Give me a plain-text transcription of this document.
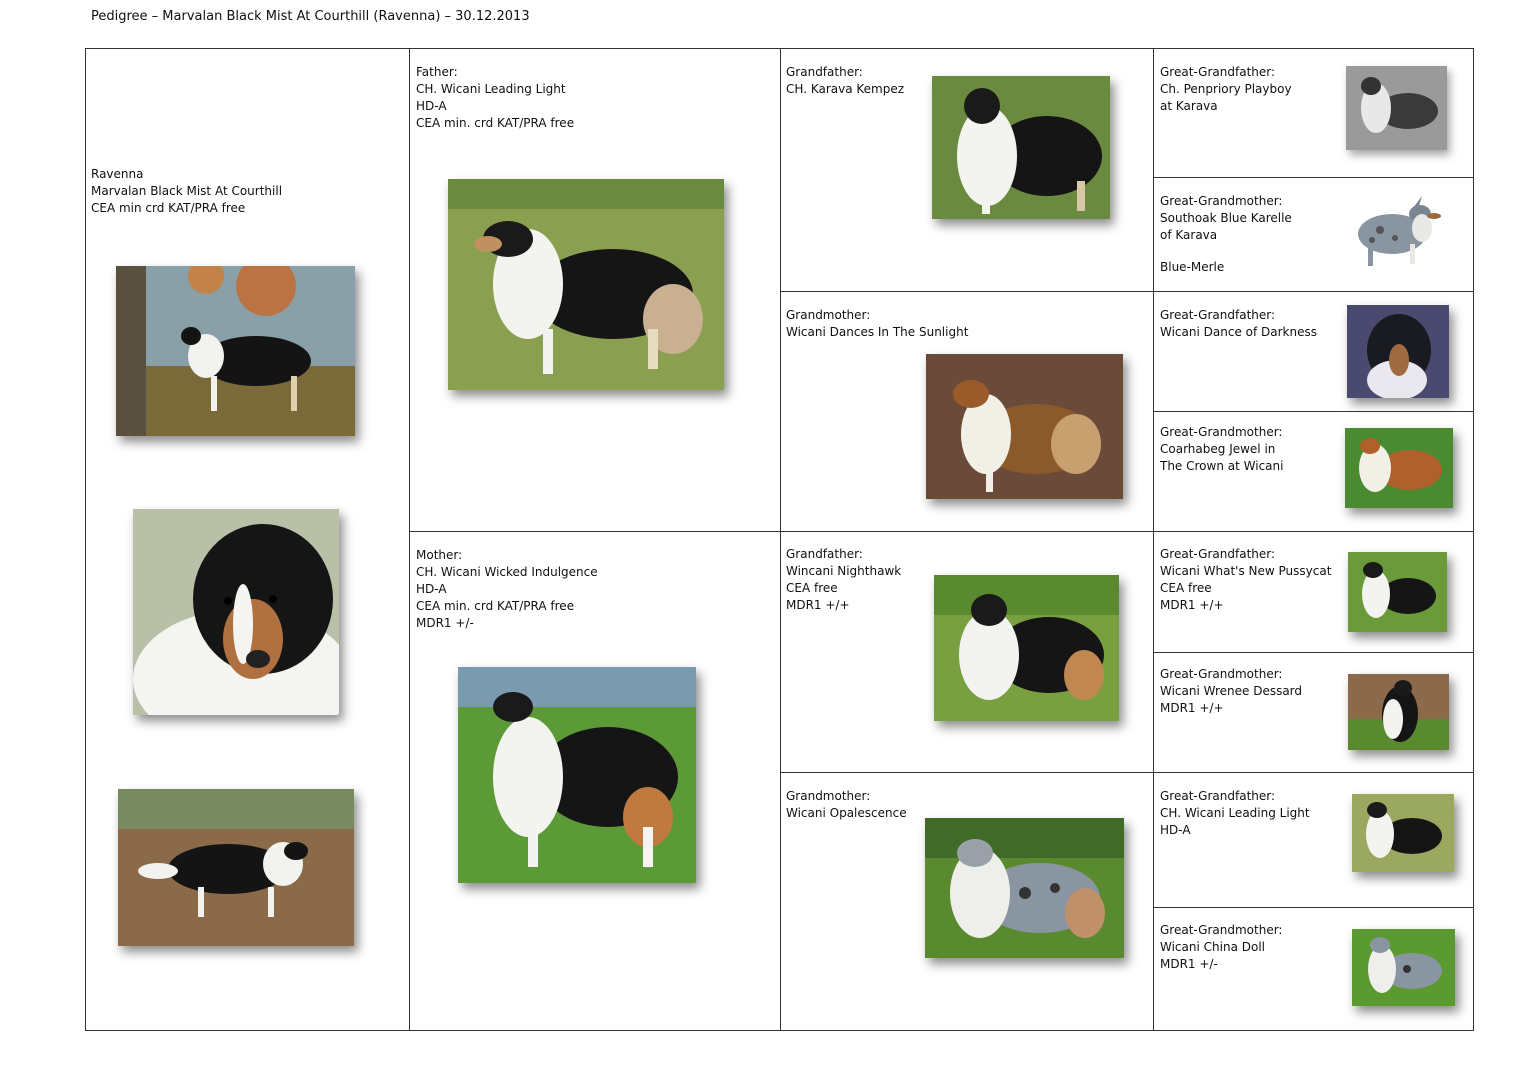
Pedigree – Marvalan Black Mist At Courthill (Ravenna) – 30.12.2013
Ravenna
Marvalan Black Mist At Courthill
CEA min crd KAT/PRA free
Father:
CH. Wicani Leading Light
HD-A
CEA min. crd KAT/PRA free
Mother:
CH. Wicani Wicked Indulgence
HD-A
CEA min. crd KAT/PRA free
MDR1 +/-
Grandfather:
CH. Karava Kempez
Grandmother:
Wicani Dances In The Sunlight
Grandfather:
Wincani Nighthawk
CEA free
MDR1 +/+
Grandmother:
Wicani Opalescence
Great-Grandfather:
Ch. Penpriory Playboy
at Karava
Great-Grandmother:
Southoak Blue Karelle
of Karava
Blue-Merle
Great-Grandfather:
Wicani Dance of Darkness
Great-Grandmother:
Coarhabeg Jewel in
The Crown at Wicani
Great-Grandfather:
Wicani What's New Pussycat
CEA free
MDR1 +/+
Great-Grandmother:
Wicani Wrenee Dessard
MDR1 +/+
Great-Grandfather:
CH. Wicani Leading Light
HD-A
Great-Grandmother:
Wicani China Doll
MDR1 +/-
